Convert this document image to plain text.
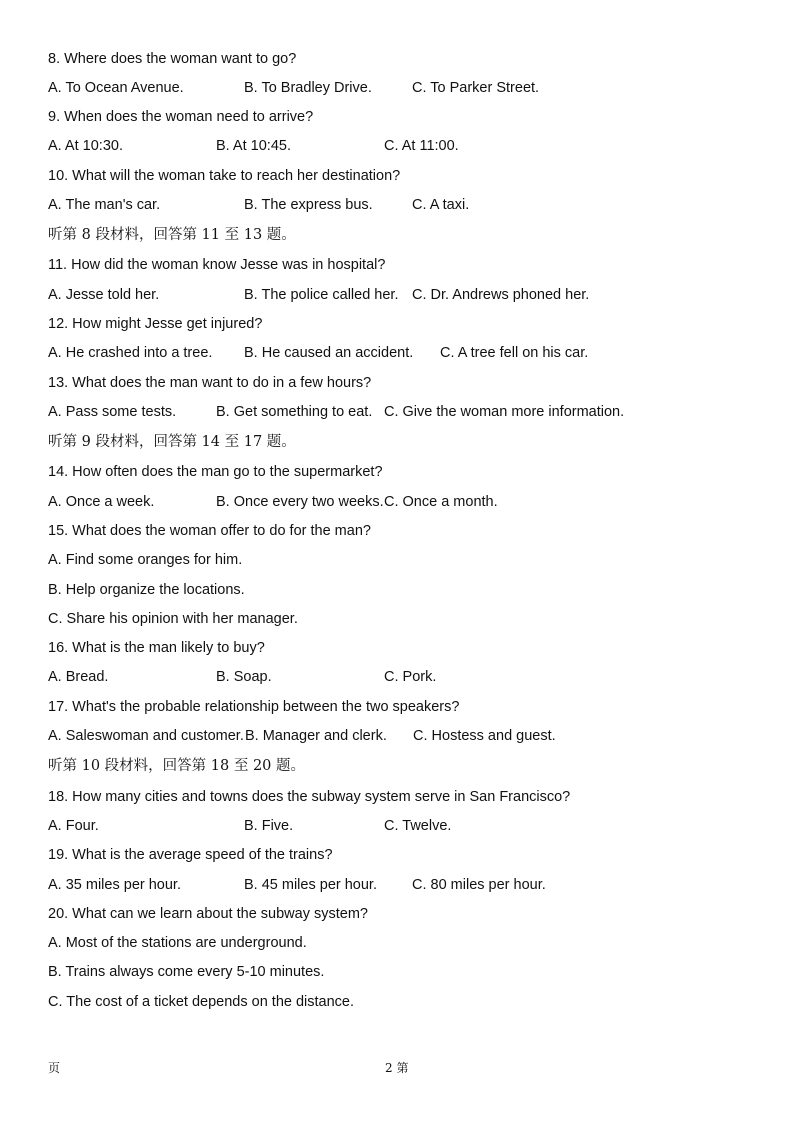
8. Where does the woman want to go?
A. To Ocean Avenue.	B. To Bradley Drive.	C. To Parker Street.
9. When does the woman need to arrive?
A. At 10:30.	B. At 10:45.	C. At 11:00.
10. What will the woman take to reach her destination?
A. The man's car.	B. The express bus.	C. A taxi.
听第 8 段材料，回答第 11 至 13 题。
11. How did the woman know Jesse was in hospital?
A. Jesse told her.	B. The police called her. C. Dr. Andrews phoned her.
12. How might Jesse get injured?
A. He crashed into a tree. B. He caused an accident. C. A tree fell on his car.
13. What does the man want to do in a few hours?
A. Pass some tests.	B. Get something to eat. C. Give the woman more information.
听第 9 段材料，回答第 14 至 17 题。
14. How often does the man go to the supermarket?
A. Once a week.	B. Once every two weeks. C. Once a month.
15. What does the woman offer to do for the man?
A. Find some oranges for him.
B. Help organize the locations.
C. Share his opinion with her manager.
16. What is the man likely to buy?
A. Bread.	B. Soap.	C. Pork.
17. What's the probable relationship between the two speakers?
A. Saleswoman and customer. B. Manager and clerk. C. Hostess and guest.
听第 10 段材料，回答第 18 至 20 题。
18. How many cities and towns does the subway system serve in San Francisco?
A. Four.	B. Five.	C. Twelve.
19. What is the average speed of the trains?
A. 35 miles per hour.	B. 45 miles per hour. C. 80 miles per hour.
20. What can we learn about the subway system?
A. Most of the stations are underground.
B. Trains always come every 5-10 minutes.
C. The cost of a ticket depends on the distance.
页	2 第
